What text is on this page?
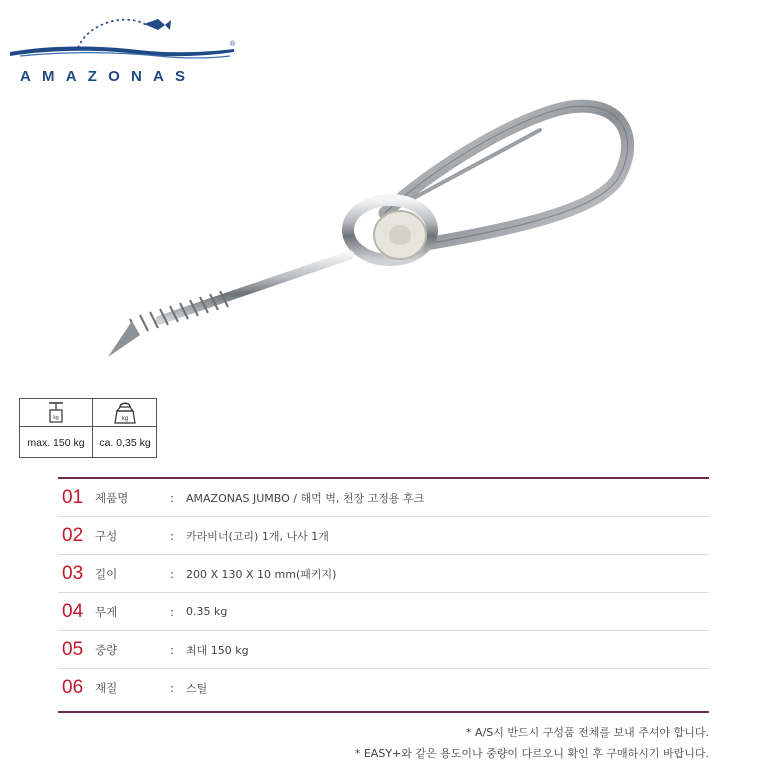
®
AMAZONAS
kg	kg
max. 150 kg ca. 0,35 kg
01 제품명	: AMAZONAS JUMBO / 해먹 벽, 천장 고정용 후크
02 구성	: 카라비너(고리) 1개, 나사 1개
03 길이	: 200 X 130 X 10 mm(패키지)
04 무게	: 0.35 kg
05 중량	: 최대 150 kg
06 재질	: 스틸
* A/S시 반드시 구성품 전체를 보내 주셔야 합니다.
* EASY+와 같은 용도이나 중량이 다르오니 확인 후 구매하시기 바랍니다.
